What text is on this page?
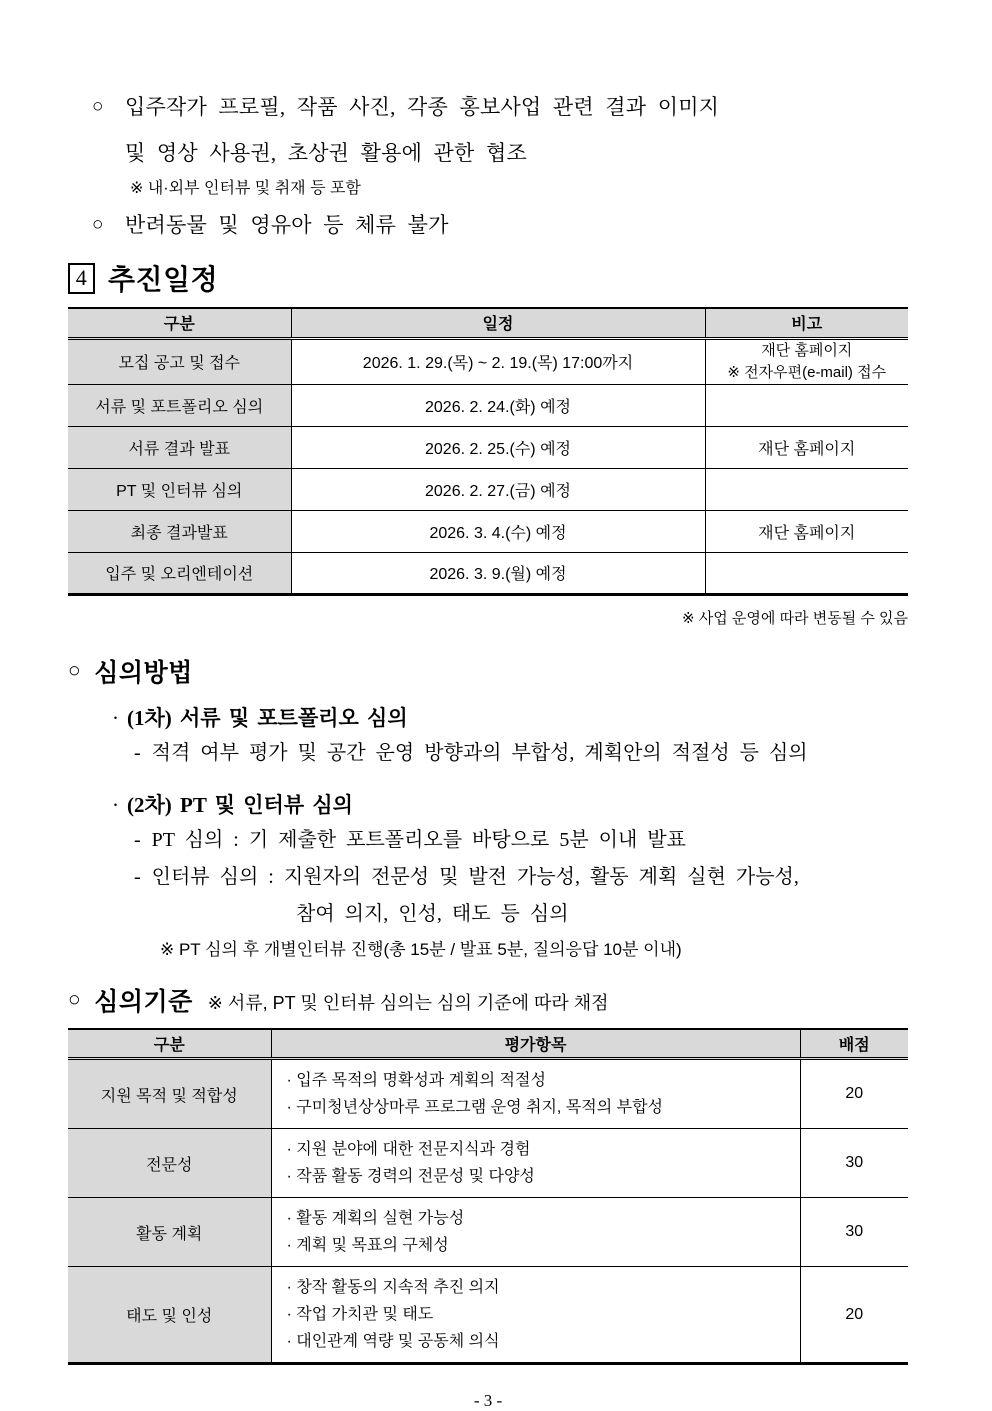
○	입주작가 프로필, 작품 사진, 각종 홍보사업 관련 결과 이미지
및 영상 사용권, 초상권 활용에 관한 협조
※ 내·외부 인터뷰 및 취재 등 포함
○	반려동물 및 영유아 등 체류 불가
4 추진일정
구분	일정	비고
모집 공고 및 접수	2026. 1. 29.(목) ~ 2. 19.(목) 17:00까지	재단 홈페이지
※ 전자우편(e-mail) 접수

서류 및 포트폴리오 심의	2026. 2. 24.(화) 예정	
서류 결과 발표	2026. 2. 25.(수) 예정	재단 홈페이지
PT 및 인터뷰 심의	2026. 2. 27.(금) 예정	
최종 결과발표	2026. 3. 4.(수) 예정	재단 홈페이지
입주 및 오리엔테이션	2026. 3. 9.(월) 예정	
※ 사업 운영에 따라 변동될 수 있음
○ 심의방법
· (1차) 서류 및 포트폴리오 심의
- 적격 여부 평가 및 공간 운영 방향과의 부합성, 계획안의 적절성 등 심의
· (2차) PT 및 인터뷰 심의
- PT 심의 : 기 제출한 포트폴리오를 바탕으로 5분 이내 발표
- 인터뷰 심의 : 지원자의 전문성 및 발전 가능성, 활동 계획 실현 가능성,
참여 의지, 인성, 태도 등 심의
※ PT 심의 후 개별인터뷰 진행(총 15분 / 발표 5분, 질의응답 10분 이내)
○ 심의기준 ※ 서류, PT 및 인터뷰 심의는 심의 기준에 따라 채점
구분	평가항목	배점
지원 목적 및 적합성	· 입주 목적의 명확성과 계획의 적절성
· 구미청년상상마루 프로그램 운영 취지, 목적의 부합성	20
전문성	· 지원 분야에 대한 전문지식과 경험
· 작품 활동 경력의 전문성 및 다양성	30
활동 계획	· 활동 계획의 실현 가능성
· 계획 및 목표의 구체성	30
태도 및 인성	· 창작 활동의 지속적 추진 의지
· 작업 가치관 및 태도
· 대인관계 역량 및 공동체 의식	20
- 3 -
